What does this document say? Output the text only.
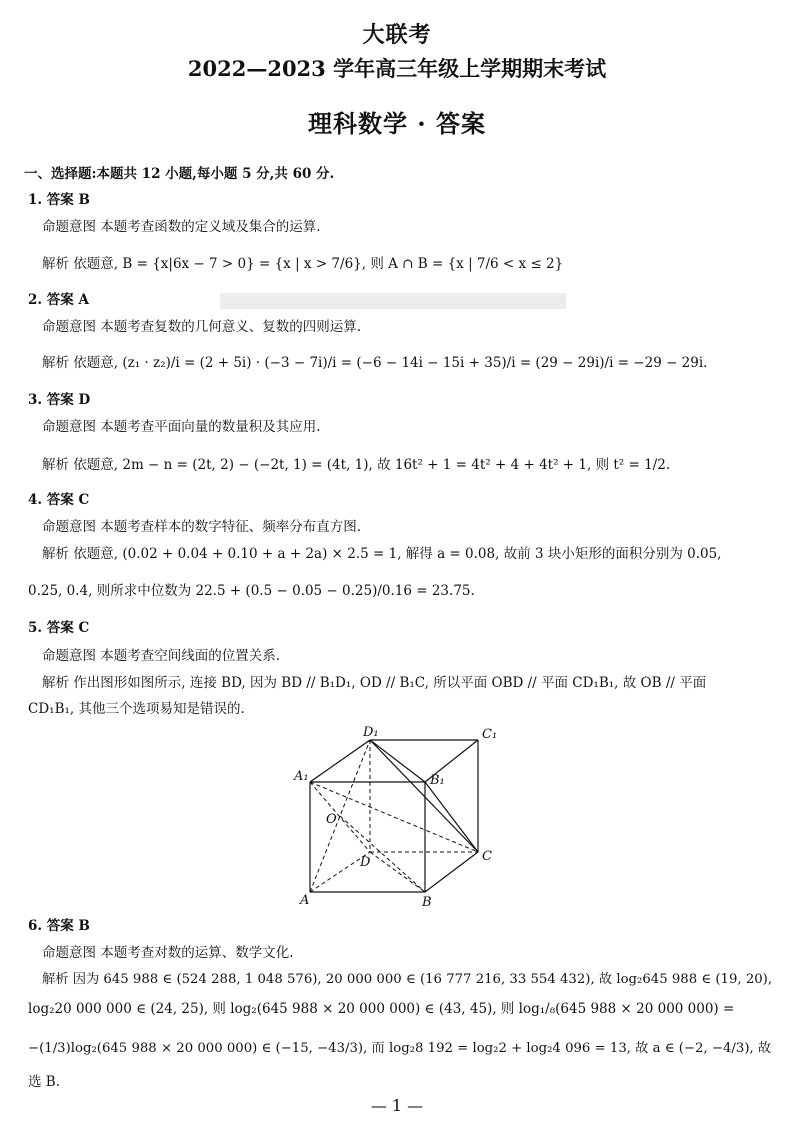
大联考
2022—2023 学年高三年级上学期期末考试
理科数学 · 答案
一、选择题:本题共 12 小题,每小题 5 分,共 60 分.
1. 答案 B
命题意图 本题考查函数的定义域及集合的运算.
解析 依题意, B = {x|6x − 7 > 0} = {x | x > 7/6}, 则 A ∩ B = {x | 7/6 < x ≤ 2}
2. 答案 A
命题意图 本题考查复数的几何意义、复数的四则运算.
解析 依题意, (z₁ · z₂)/i = (2 + 5i) · (−3 − 7i)/i = (−6 − 14i − 15i + 35)/i = (29 − 29i)/i = −29 − 29i.
3. 答案 D
命题意图 本题考查平面向量的数量积及其应用.
解析 依题意, 2m − n = (2t, 2) − (−2t, 1) = (4t, 1), 故 16t² + 1 = 4t² + 4 + 4t² + 1, 则 t² = 1/2.
4. 答案 C
命题意图 本题考查样本的数字特征、频率分布直方图.
解析 依题意, (0.02 + 0.04 + 0.10 + a + 2a) × 2.5 = 1, 解得 a = 0.08, 故前 3 块小矩形的面积分别为 0.05,
0.25, 0.4, 则所求中位数为 22.5 + (0.5 − 0.05 − 0.25)/0.16 = 23.75.
5. 答案 C
命题意图 本题考查空间线面的位置关系.
解析 作出图形如图所示, 连接 BD, 因为 BD // B₁D₁, OD // B₁C, 所以平面 OBD // 平面 CD₁B₁, 故 OB // 平面
CD₁B₁, 其他三个选项易知是错误的.
D₁	C₁
A₁	B₁
O
D	C
A	B
6. 答案 B
命题意图 本题考查对数的运算、数学文化.
解析 因为 645 988 ∈ (524 288, 1 048 576), 20 000 000 ∈ (16 777 216, 33 554 432), 故 log₂645 988 ∈ (19, 20),
log₂20 000 000 ∈ (24, 25), 则 log₂(645 988 × 20 000 000) ∈ (43, 45), 则 log₁/₈(645 988 × 20 000 000) =
−(1/3)log₂(645 988 × 20 000 000) ∈ (−15, −43/3), 而 log₂8 192 = log₂2 + log₂4 096 = 13, 故 a ∈ (−2, −4/3), 故
选 B.
— 1 —
